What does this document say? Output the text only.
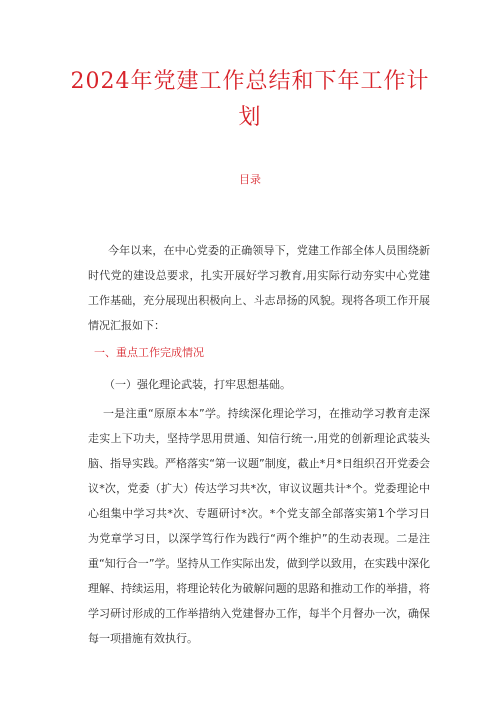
2024年党建工作总结和下年工作计划
目录
今年以来，在中心党委的正确领导下，党建工作部全体人员围绕新时代党的建设总要求，扎实开展好学习教育,用实际行动夯实中心党建工作基础，充分展现出积极向上、斗志昂扬的风貌。现将各项工作开展情况汇报如下：
一、重点工作完成情况
（一）强化理论武装，打牢思想基础。
一是注重“原原本本”学。持续深化理论学习，在推动学习教育走深走实上下功夫，坚持学思用贯通、知信行统一,用党的创新理论武装头脑、指导实践。严格落实“第一议题”制度，截止*月*日组织召开党委会议*次，党委（扩大）传达学习共*次，审议议题共计*个。党委理论中心组集中学习共*次、专题研讨*次。*个党支部全部落实第1个学习日为党章学习日，以深学笃行作为践行“两个维护”的生动表现。二是注重“知行合一”学。坚持从工作实际出发，做到学以致用，在实践中深化理解、持续运用，将理论转化为破解问题的思路和推动工作的举措，将学习研讨形成的工作举措纳入党建督办工作，每半个月督办一次，确保每一项措施有效执行。
